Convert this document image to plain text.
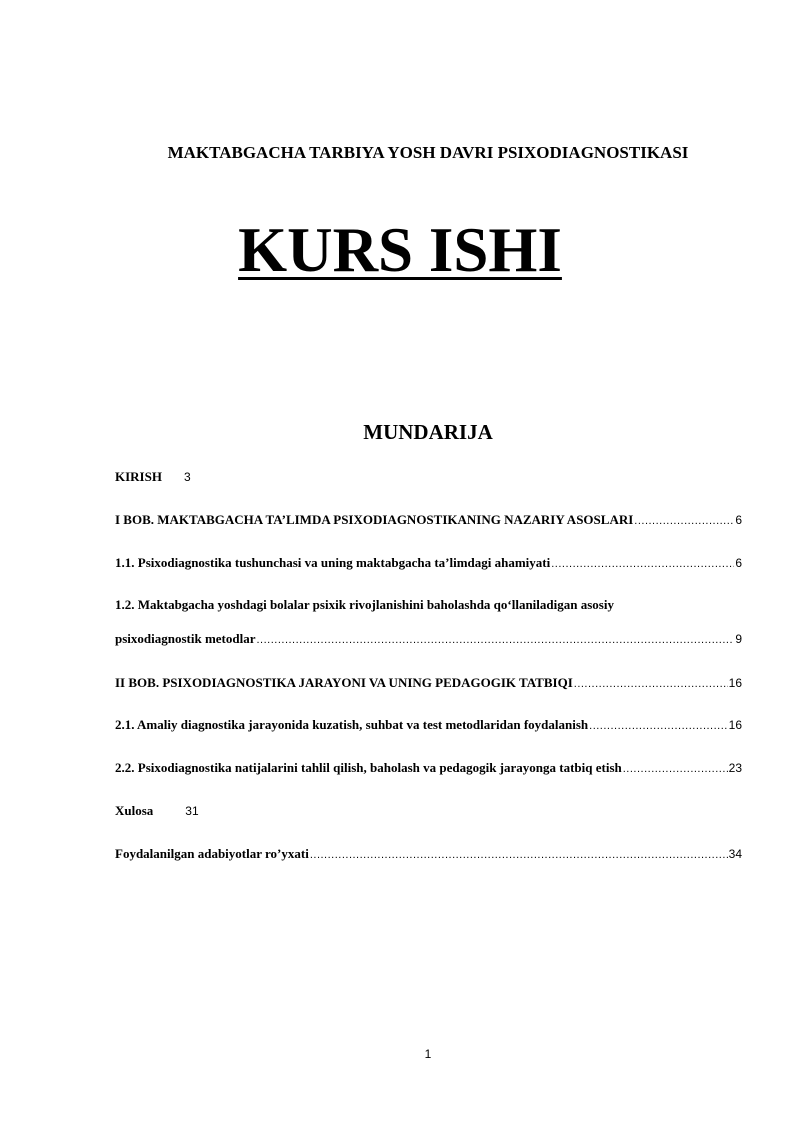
MAKTABGACHA TARBIYA YOSH DAVRI PSIXODIAGNOSTIKASI
KURS ISHI
MUNDARIJA
KIRISH 3
I BOB. MAKTABGACHA TA’LIMDA PSIXODIAGNOSTIKANING NAZARIY ASOSLARI .....	6
1.1. Psixodiagnostika tushunchasi va uning maktabgacha ta’limdagi ahamiyati .....	6
1.2. Maktabgacha yoshdagi bolalar psixik rivojlanishini baholashda qo‘llaniladigan asosiy
psixodiagnostik metodlar .....	9
II BOB. PSIXODIAGNOSTIKA JARAYONI VA UNING PEDAGOGIK TATBIQI .....	16
2.1. Amaliy diagnostika jarayonida kuzatish, suhbat va test metodlaridan foydalanish .....	16
2.2. Psixodiagnostika natijalarini tahlil qilish, baholash va pedagogik jarayonga tatbiq etish .....	23
Xulosa	31
Foydalanilgan adabiyotlar ro’yxati .....	34
1
